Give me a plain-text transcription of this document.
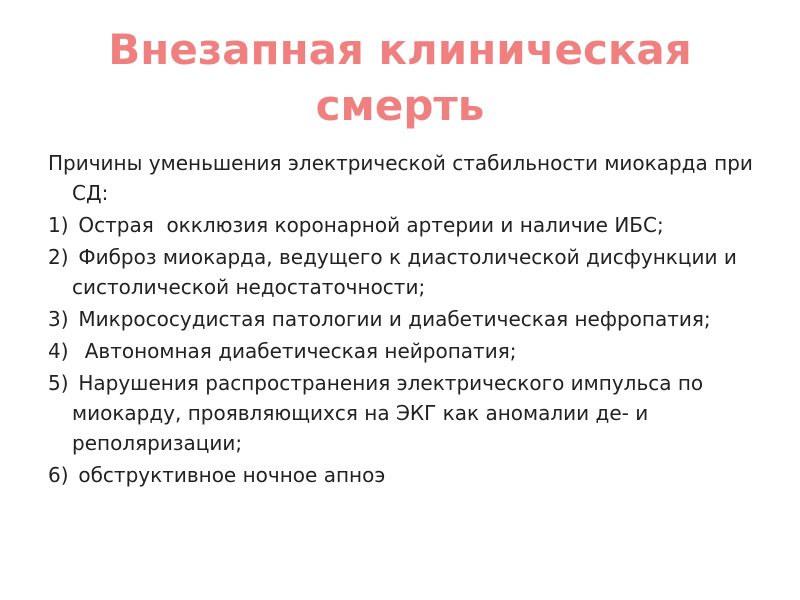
Внезапная клиническая
смерть

Причины уменьшения электрической стабильности миокарда при СД:

1) Острая  окклюзия коронарной артерии и наличие ИБС;
2) Фиброз миокарда, ведущего к диастолической дисфункции и систолической недостаточности;
3) Микрососудистая патологии и диабетическая нефропатия;
4) Автономная диабетическая нейропатия;
5) Нарушения распространения электрического импульса по миокарду, проявляющихся на ЭКГ как аномалии де- и реполяризации;
6) обструктивное ночное апноэ
